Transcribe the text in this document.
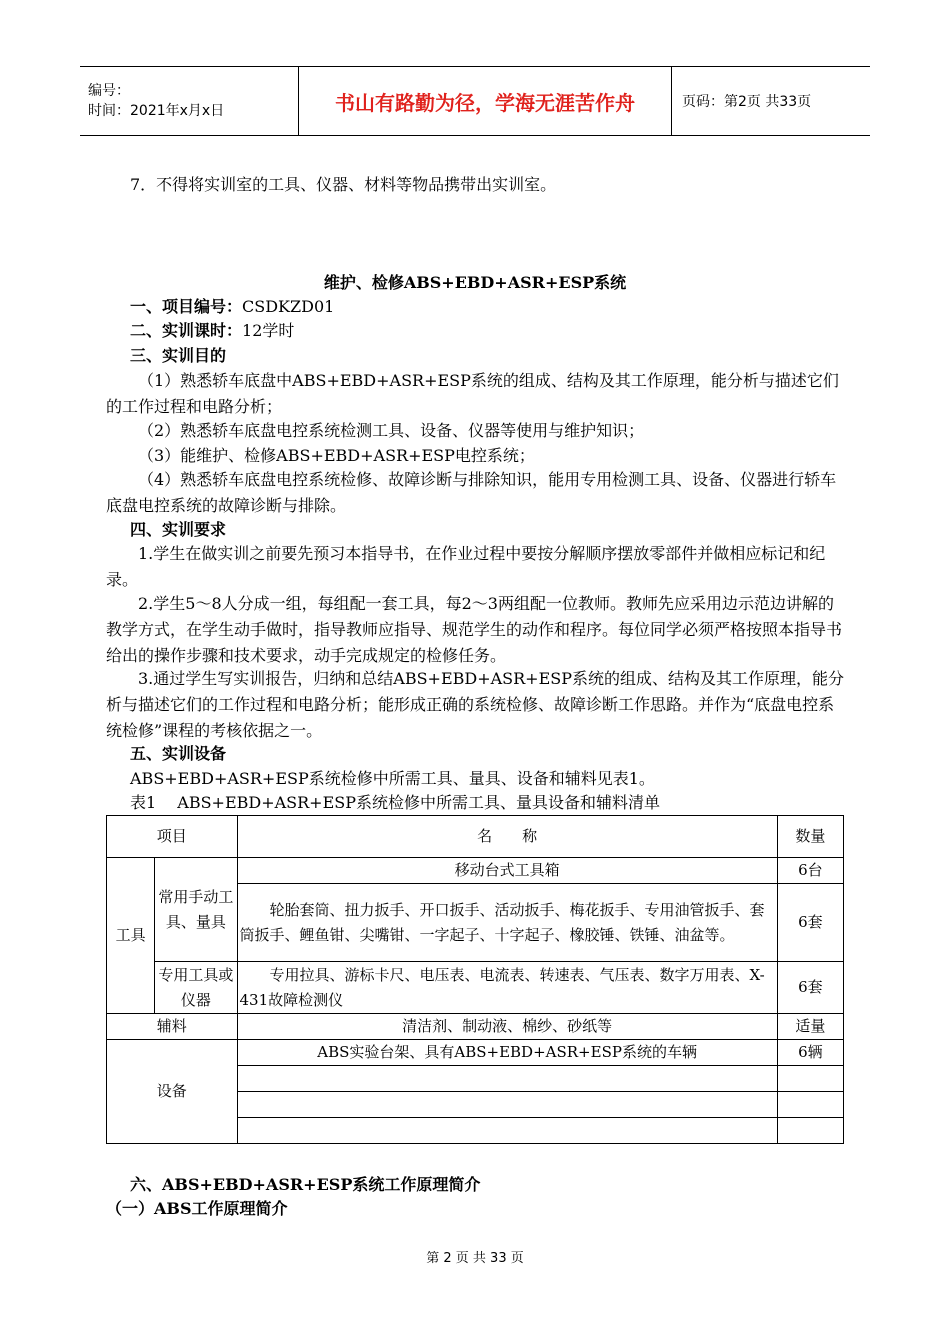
编号：
时间：2021年x月x日	书山有路勤为径，学海无涯苦作舟	页码：第2页 共33页
7．不得将实训室的工具、仪器、材料等物品携带出实训室。
维护、检修ABS+EBD+ASR+ESP系统
一、项目编号：CSDKZD01
二、实训课时：12学时
三、实训目的
（1）熟悉轿车底盘中ABS+EBD+ASR+ESP系统的组成、结构及其工作原理，能分析与描述它们的工作过程和电路分析；
（2）熟悉轿车底盘电控系统检测工具、设备、仪器等使用与维护知识；
（3）能维护、检修ABS+EBD+ASR+ESP电控系统；
（4）熟悉轿车底盘电控系统检修、故障诊断与排除知识，能用专用检测工具、设备、仪器进行轿车底盘电控系统的故障诊断与排除。
四、实训要求
1.学生在做实训之前要先预习本指导书，在作业过程中要按分解顺序摆放零部件并做相应标记和纪录。
2.学生5～8人分成一组，每组配一套工具，每2～3两组配一位教师。教师先应采用边示范边讲解的教学方式，在学生动手做时，指导教师应指导、规范学生的动作和程序。每位同学必须严格按照本指导书给出的操作步骤和技术要求，动手完成规定的检修任务。
3.通过学生写实训报告，归纳和总结ABS+EBD+ASR+ESP系统的组成、结构及其工作原理，能分析与描述它们的工作过程和电路分析；能形成正确的系统检修、故障诊断工作思路。并作为“底盘电控系统检修”课程的考核依据之一。
五、实训设备
ABS+EBD+ASR+ESP系统检修中所需工具、量具、设备和辅料见表1。
表1　 ABS+EBD+ASR+ESP系统检修中所需工具、量具设备和辅料清单
项目		名　　称	数量
工具	常用手动工具、量具	移动台式工具箱	6台
		轮胎套筒、扭力扳手、开口扳手、活动扳手、梅花扳手、专用油管扳手、套筒扳手、鲤鱼钳、尖嘴钳、一字起子、十字起子、橡胶锤、铁锤、油盆等。	6套
	专用工具或仪器	专用拉具、游标卡尺、电压表、电流表、转速表、气压表、数字万用表、X-431故障检测仪	6套
辅料		清洁剂、制动液、棉纱、砂纸等	适量
设备		ABS实验台架、具有ABS+EBD+ASR+ESP系统的车辆	6辆

六、ABS+EBD+ASR+ESP系统工作原理简介
（一）ABS工作原理简介
第 2 页 共 33 页
